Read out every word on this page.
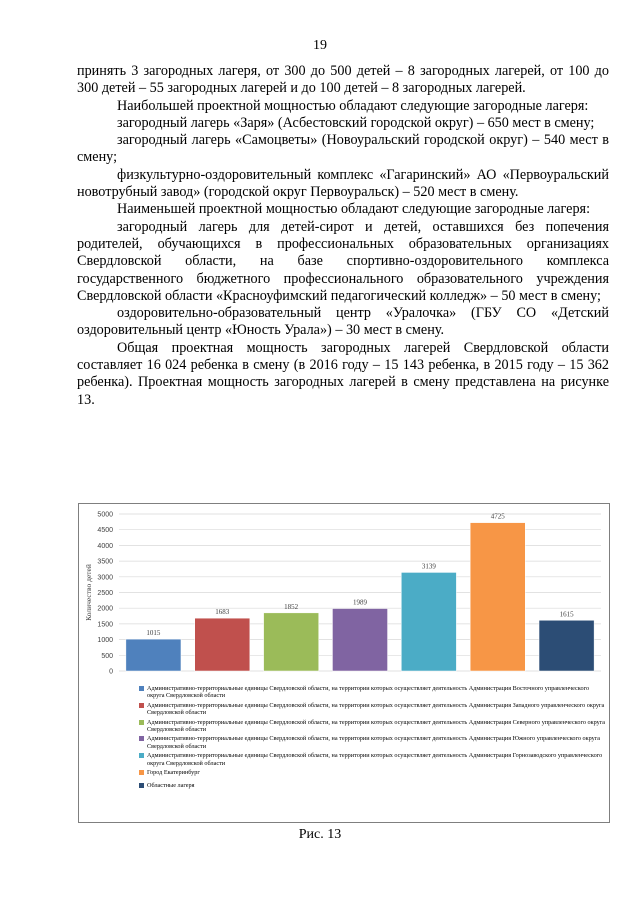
19

принять 3 загородных лагеря, от 300 до 500 детей – 8 загородных лагерей, от 100 до 300 детей – 55 загородных лагерей и до 100 детей – 8 загородных лагерей.

Наибольшей проектной мощностью обладают следующие загородные лагеря:

загородный лагерь «Заря» (Асбестовский городской округ) – 650 мест в смену;

загородный лагерь «Самоцветы» (Новоуральский городской округ) – 540 мест в смену;

физкультурно-оздоровительный комплекс «Гагаринский» АО «Первоуральский новотрубный завод» (городской округ Первоуральск) – 520 мест в смену.

Наименьшей проектной мощностью обладают следующие загородные лагеря:

загородный лагерь для детей-сирот и детей, оставшихся без попечения родителей, обучающихся в профессиональных образовательных организациях Свердловской области, на базе спортивно-оздоровительного комплекса государственного бюджетного профессионального образовательного учреждения Свердловской области «Красноуфимский педагогический колледж» – 50 мест в смену;

оздоровительно-образовательный центр «Уралочка» (ГБУ СО «Детский оздоровительный центр «Юность Урала») – 30 мест в смену.

Общая проектная мощность загородных лагерей Свердловской области составляет 16 024 ребенка в смену (в 2016 году – 15 143 ребенка, в 2015 году – 15 362 ребенка). Проектная мощность загородных лагерей в смену представлена на рисунке 13.

0
500
1000
1500
2000
2500
3000
3500
4000
4500
5000
Количество детей
1015
1683
1852
1989
3139
4725
1615
Административно-территориальные единицы Свердловской области, на территории которых осуществляет деятельность Администрация Восточного управленческого округа Свердловской области
Административно-территориальные единицы Свердловской области, на территории которых осуществляет деятельность Администрация Западного управленческого округа Свердловской области
Административно-территориальные единицы Свердловской области, на территории которых осуществляет деятельность Администрация Северного управленческого округа Свердловской области
Административно-территориальные единицы Свердловской области, на территории которых осуществляет деятельность Администрация Южного управленческого округа Свердловской области
Административно-территориальные единицы Свердловской области, на территории которых осуществляет деятельность Администрация Горнозаводского управленческого округа Свердловской области
Город Екатеринбург
Областные лагеря
Рис. 13
